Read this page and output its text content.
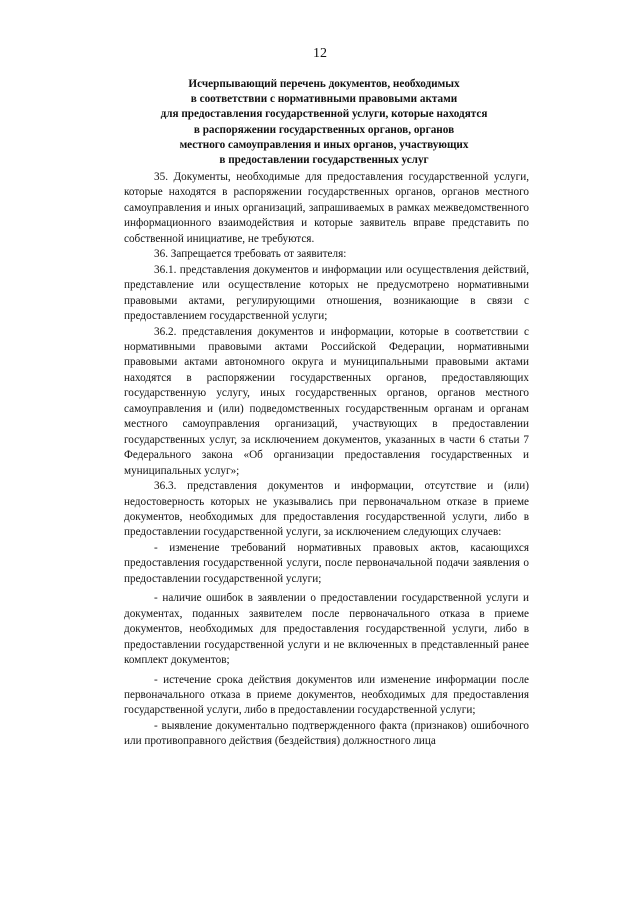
12
Исчерпывающий перечень документов, необходимых
в соответствии с нормативными правовыми актами
для предоставления государственной услуги, которые находятся
в распоряжении государственных органов, органов
местного самоуправления и иных органов, участвующих
в предоставлении государственных услуг

35. Документы, необходимые для предоставления государственной услуги, которые находятся в распоряжении государственных органов, органов местного самоуправления и иных организаций, запрашиваемых в рамках межведомственного информационного взаимодействия и которые заявитель вправе представить по собственной инициативе, не требуются.

36. Запрещается требовать от заявителя:

36.1. представления документов и информации или осуществления действий, представление или осуществление которых не предусмотрено нормативными правовыми актами, регулирующими отношения, возникающие в связи с предоставлением государственной услуги;

36.2. представления документов и информации, которые в соответствии с нормативными правовыми актами Российской Федерации, нормативными правовыми актами автономного округа и муниципальными правовыми актами находятся в распоряжении государственных органов, предоставляющих государственную услугу, иных государственных органов, органов местного самоуправления и (или) подведомственных государственным органам и органам местного самоуправления организаций, участвующих в предоставлении государственных услуг, за исключением документов, указанных в части 6 статьи 7 Федерального закона «Об организации предоставления государственных и муниципальных услуг»;

36.3. представления документов и информации, отсутствие и (или) недостоверность которых не указывались при первоначальном отказе в приеме документов, необходимых для предоставления государственной услуги, либо в предоставлении государственной услуги, за исключением следующих случаев:

- изменение требований нормативных правовых актов, касающихся предоставления государственной услуги, после первоначальной подачи заявления о предоставлении государственной услуги;

- наличие ошибок в заявлении о предоставлении государственной услуги и документах, поданных заявителем после первоначального отказа в приеме документов, необходимых для предоставления государственной услуги, либо в предоставлении государственной услуги и не включенных в представленный ранее комплект документов;

- истечение срока действия документов или изменение информации после первоначального отказа в приеме документов, необходимых для предоставления государственной услуги, либо в предоставлении государственной услуги;

- выявление документально подтвержденного факта (признаков) ошибочного или противоправного действия (бездействия) должностного лица
